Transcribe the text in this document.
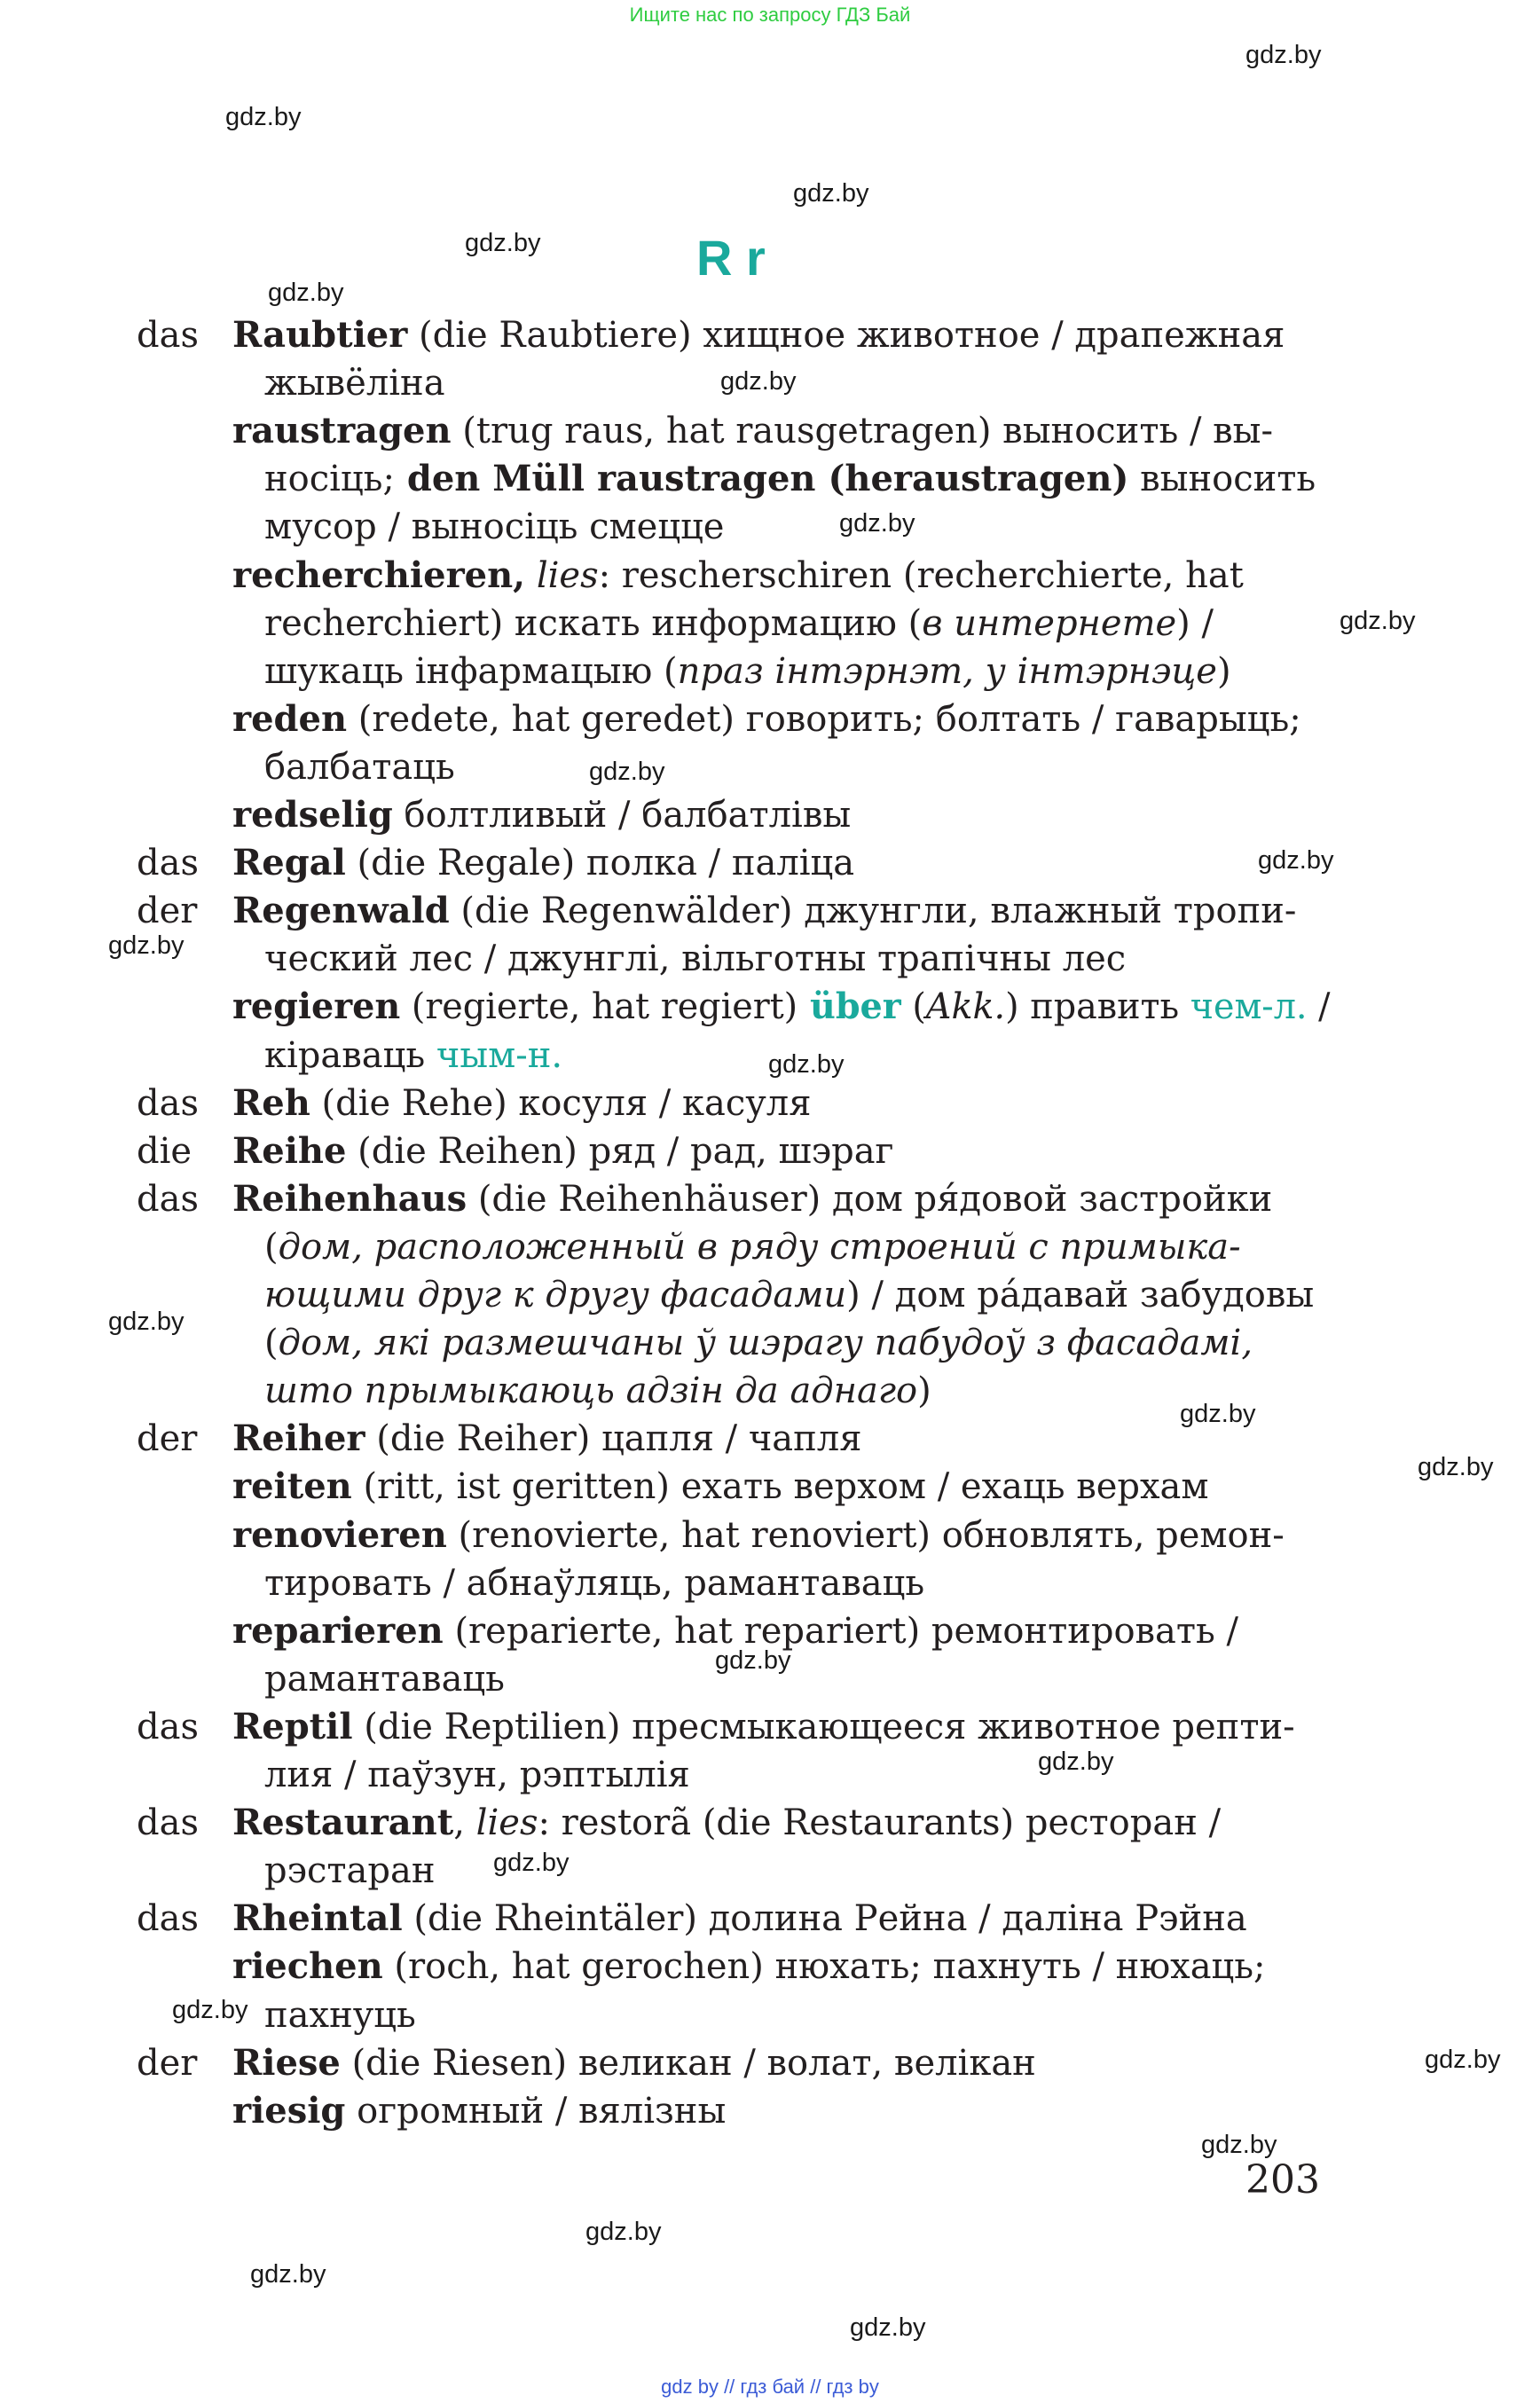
Ищите нас по запросу ГДЗ Бай
gdz.by
gdz.by
gdz.by
gdz.by
gdz.by
gdz.by
gdz.by
gdz.by
gdz.by
gdz.by
gdz.by
gdz.by
gdz.by
gdz.by
gdz.by
gdz.by
gdz.by
gdz.by
gdz.by
gdz.by
gdz.by
gdz.by
gdz.by
gdz.by
R r
das Raubtier (die Raubtiere) хищное животное / драпежная
жывёліна
raustragen (trug raus, hat rausgetragen) выносить / вы-
носіць; den Müll raustragen (heraustragen) выносить
мусор / выносіць смецце
recherchieren, lies: rescherschiren (recherchierte, hat
recherchiert) искать информацию (в интернете) /
шукаць інфармацыю (праз інтэрнэт, у інтэрнэце)
reden (redete, hat geredet) говорить; болтать / гаварыць;
балбатаць
redselig болтливый / балбатлівы
das Regal (die Regale) полка / паліца
der Regenwald (die Regenwälder) джунгли, влажный тропи-
ческий лес / джунглі, вільготны трапічны лес
regieren (regierte, hat regiert) über (Akk.) править чем-л. /
кіраваць чым-н.
das Reh (die Rehe) косуля / касуля
die Reihe (die Reihen) ряд / рад, шэраг
das Reihenhaus (die Reihenhäuser) дом ря́довой застройки
(дом, расположенный в ряду строений с примыка-
ющими друг к другу фасадами) / дом ра́давай забудовы
(дом, які размешчаны ў шэрагу пабудоў з фасадамі,
што прымыкаюць адзін да аднаго)
der Reiher (die Reiher) цапля / чапля
reiten (ritt, ist geritten) ехать верхом / ехаць верхам
renovieren (renovierte, hat renoviert) обновлять, ремон-
тировать / абнаўляць, рамантаваць
reparieren (reparierte, hat repariert) ремонтировать /
рамантаваць
das Reptil (die Reptilien) пресмыкающееся животное репти-
лия / паўзун, рэптылія
das Restaurant, lies: restorã (die Restaurants) ресторан /
рэстаран
das Rheintal (die Rheintäler) долина Рейна / даліна Рэйна
riechen (roch, hat gerochen) нюхать; пахнуть / нюхаць;
пахнуць
der Riese (die Riesen) великан / волат, велікан
riesig огромный / вялізны
203
gdz by // гдз бай // гдз by
